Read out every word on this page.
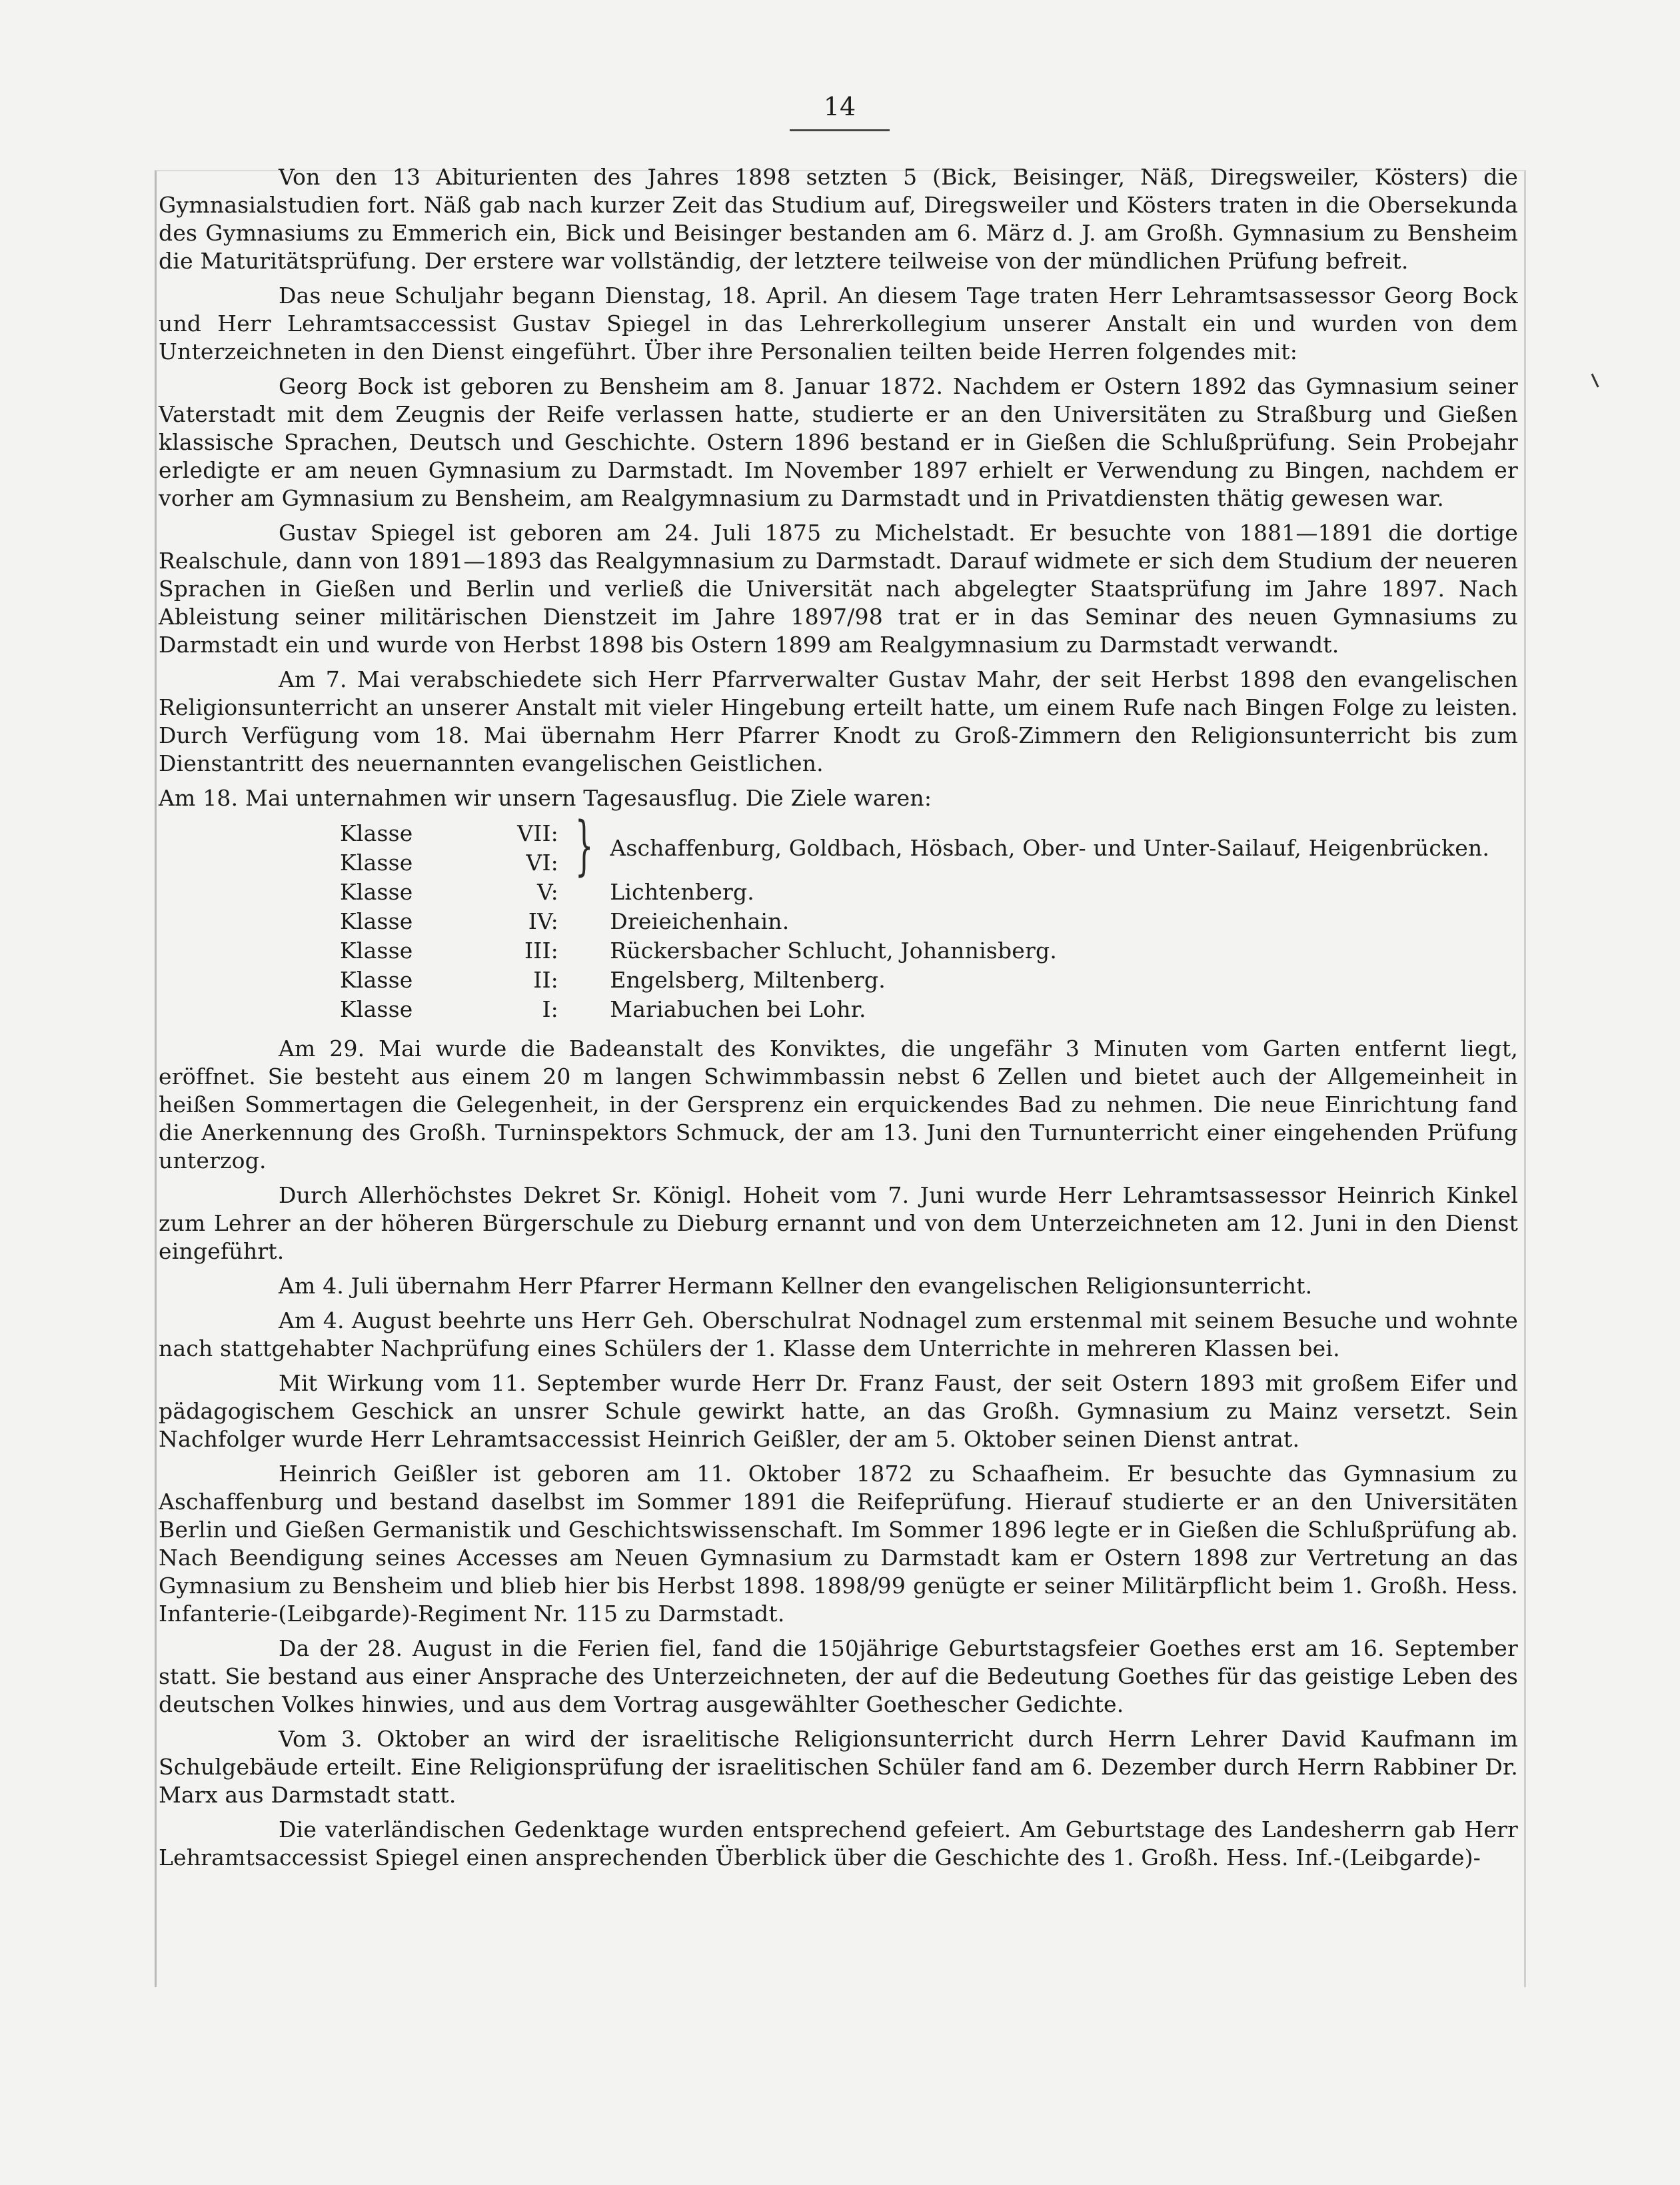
14

Von den 13 Abiturienten des Jahres 1898 setzten 5 (Bick, Beisinger, Näß, Diregsweiler, Kösters) die Gymnasialstudien fort. Näß gab nach kurzer Zeit das Studium auf, Diregsweiler und Kösters traten in die Obersekunda des Gymnasiums zu Emmerich ein, Bick und Beisinger bestanden am 6. März d. J. am Großh. Gymnasium zu Bensheim die Maturitätsprüfung. Der erstere war vollständig, der letztere teilweise von der mündlichen Prüfung befreit.

Das neue Schuljahr begann Dienstag, 18. April. An diesem Tage traten Herr Lehramtsassessor Georg Bock und Herr Lehramtsaccessist Gustav Spiegel in das Lehrerkollegium unserer Anstalt ein und wurden von dem Unterzeichneten in den Dienst eingeführt. Über ihre Personalien teilten beide Herren folgendes mit:

Georg Bock ist geboren zu Bensheim am 8. Januar 1872. Nachdem er Ostern 1892 das Gymnasium seiner Vaterstadt mit dem Zeugnis der Reife verlassen hatte, studierte er an den Universitäten zu Straßburg und Gießen klassische Sprachen, Deutsch und Geschichte. Ostern 1896 bestand er in Gießen die Schlußprüfung. Sein Probejahr erledigte er am neuen Gymnasium zu Darmstadt. Im November 1897 erhielt er Verwendung zu Bingen, nachdem er vorher am Gymnasium zu Bensheim, am Realgymnasium zu Darmstadt und in Privatdiensten thätig gewesen war.

Gustav Spiegel ist geboren am 24. Juli 1875 zu Michelstadt. Er besuchte von 1881—1891 die dortige Realschule, dann von 1891—1893 das Realgymnasium zu Darmstadt. Darauf widmete er sich dem Studium der neueren Sprachen in Gießen und Berlin und verließ die Universität nach abgelegter Staatsprüfung im Jahre 1897. Nach Ableistung seiner militärischen Dienstzeit im Jahre 1897/98 trat er in das Seminar des neuen Gymnasiums zu Darmstadt ein und wurde von Herbst 1898 bis Ostern 1899 am Realgymnasium zu Darmstadt verwandt.

Am 7. Mai verabschiedete sich Herr Pfarrverwalter Gustav Mahr, der seit Herbst 1898 den evangelischen Religionsunterricht an unserer Anstalt mit vieler Hingebung erteilt hatte, um einem Rufe nach Bingen Folge zu leisten. Durch Verfügung vom 18. Mai übernahm Herr Pfarrer Knodt zu Groß-Zimmern den Religionsunterricht bis zum Dienstantritt des neuernannten evangelischen Geistlichen.

Am 18. Mai unternahmen wir unsern Tagesausflug. Die Ziele waren:

Klasse	VII:	}	Aschaffenburg, Goldbach, Hösbach, Ober- und Unter-Sailauf, Heigenbrücken.
Klasse	VI:		
Klasse	V:		Lichtenberg.
Klasse	IV:		Dreieichenhain.
Klasse	III:		Rückersbacher Schlucht, Johannisberg.
Klasse	II:		Engelsberg, Miltenberg.
Klasse	I:		Mariabuchen bei Lohr.

Am 29. Mai wurde die Badeanstalt des Konviktes, die ungefähr 3 Minuten vom Garten entfernt liegt, eröffnet. Sie besteht aus einem 20 m langen Schwimmbassin nebst 6 Zellen und bietet auch der Allgemeinheit in heißen Sommertagen die Gelegenheit, in der Gersprenz ein erquickendes Bad zu nehmen. Die neue Einrichtung fand die Anerkennung des Großh. Turninspektors Schmuck, der am 13. Juni den Turnunterricht einer eingehenden Prüfung unterzog.

Durch Allerhöchstes Dekret Sr. Königl. Hoheit vom 7. Juni wurde Herr Lehramtsassessor Heinrich Kinkel zum Lehrer an der höheren Bürgerschule zu Dieburg ernannt und von dem Unterzeichneten am 12. Juni in den Dienst eingeführt.

Am 4. Juli übernahm Herr Pfarrer Hermann Kellner den evangelischen Religionsunterricht.

Am 4. August beehrte uns Herr Geh. Oberschulrat Nodnagel zum erstenmal mit seinem Besuche und wohnte nach stattgehabter Nachprüfung eines Schülers der 1. Klasse dem Unterrichte in mehreren Klassen bei.

Mit Wirkung vom 11. September wurde Herr Dr. Franz Faust, der seit Ostern 1893 mit großem Eifer und pädagogischem Geschick an unsrer Schule gewirkt hatte, an das Großh. Gymnasium zu Mainz versetzt. Sein Nachfolger wurde Herr Lehramtsaccessist Heinrich Geißler, der am 5. Oktober seinen Dienst antrat.

Heinrich Geißler ist geboren am 11. Oktober 1872 zu Schaafheim. Er besuchte das Gymnasium zu Aschaffenburg und bestand daselbst im Sommer 1891 die Reifeprüfung. Hierauf studierte er an den Universitäten Berlin und Gießen Germanistik und Geschichtswissenschaft. Im Sommer 1896 legte er in Gießen die Schlußprüfung ab. Nach Beendigung seines Accesses am Neuen Gymnasium zu Darmstadt kam er Ostern 1898 zur Vertretung an das Gymnasium zu Bensheim und blieb hier bis Herbst 1898. 1898/99 genügte er seiner Militärpflicht beim 1. Großh. Hess. Infanterie-(Leibgarde)-Regiment Nr. 115 zu Darmstadt.

Da der 28. August in die Ferien fiel, fand die 150jährige Geburtstagsfeier Goethes erst am 16. September statt. Sie bestand aus einer Ansprache des Unterzeichneten, der auf die Bedeutung Goethes für das geistige Leben des deutschen Volkes hinwies, und aus dem Vortrag ausgewählter Goethescher Gedichte.

Vom 3. Oktober an wird der israelitische Religionsunterricht durch Herrn Lehrer David Kaufmann im Schulgebäude erteilt. Eine Religionsprüfung der israelitischen Schüler fand am 6. Dezember durch Herrn Rabbiner Dr. Marx aus Darmstadt statt.

Die vaterländischen Gedenktage wurden entsprechend gefeiert. Am Geburtstage des Landesherrn gab Herr Lehramtsaccessist Spiegel einen ansprechenden Überblick über die Geschichte des 1. Großh. Hess. Inf.-(Leibgarde)-
